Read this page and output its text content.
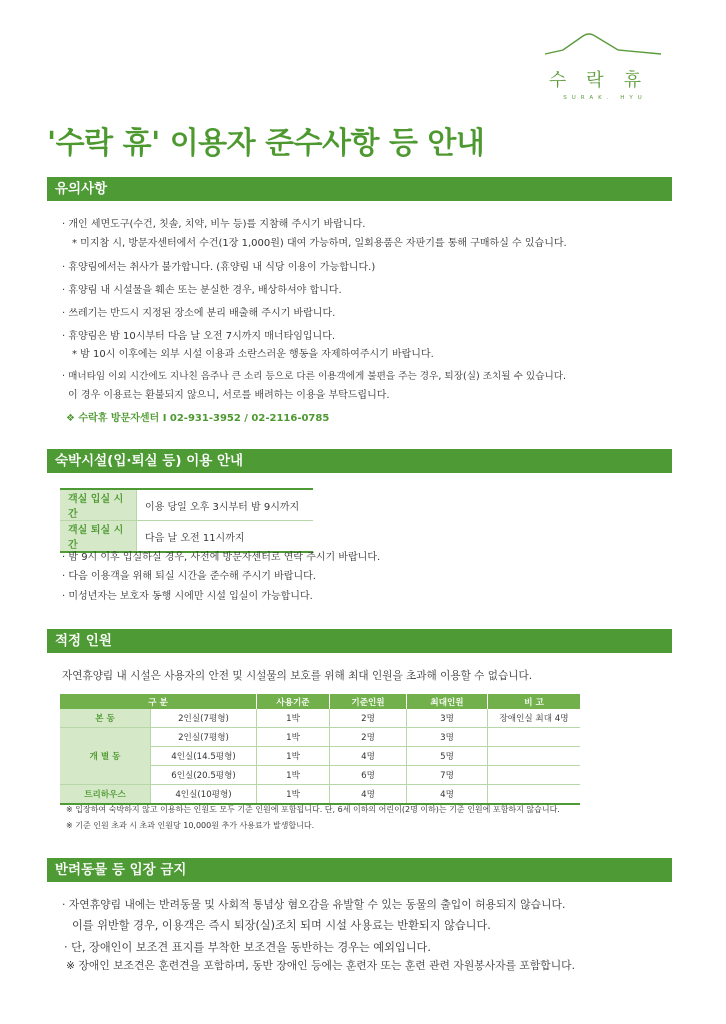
수락휴
SURAK. HYU
'수락 휴' 이용자 준수사항 등 안내
유의사항
· 개인 세면도구(수건, 칫솔, 치약, 비누 등)를 지참해 주시기 바랍니다.
* 미지참 시, 방문자센터에서 수건(1장 1,000원) 대여 가능하며, 일회용품은 자판기를 통해 구매하실 수 있습니다.
· 휴양림에서는 취사가 불가합니다. (휴양림 내 식당 이용이 가능합니다.)
· 휴양림 내 시설물을 훼손 또는 분실한 경우, 배상하셔야 합니다.
· 쓰레기는 반드시 지정된 장소에 분리 배출해 주시기 바랍니다.
· 휴양림은 밤 10시부터 다음 날 오전 7시까지 매너타임입니다.
* 밤 10시 이후에는 외부 시설 이용과 소란스러운 행동을 자제하여주시기 바랍니다.
· 매너타임 이외 시간에도 지나친 음주나 큰 소리 등으로 다른 이용객에게 불편을 주는 경우, 퇴장(실) 조치될 수 있습니다.
이 경우 이용료는 환불되지 않으니, 서로를 배려하는 이용을 부탁드립니다.
❖ 수락휴 방문자센터 I 02-931-3952 / 02-2116-0785
숙박시설(입·퇴실 등) 이용 안내
객실 입실 시간	이용 당일 오후 3시부터 밤 9시까지
객실 퇴실 시간	다음 날 오전 11시까지
· 밤 9시 이후 입실하실 경우, 사전에 방문자센터로 연락 주시기 바랍니다.
· 다음 이용객을 위해 퇴실 시간을 준수해 주시기 바랍니다.
· 미성년자는 보호자 동행 시에만 시설 입실이 가능합니다.
적정 인원
자연휴양림 내 시설은 사용자의 안전 및 시설물의 보호를 위해 최대 인원을 초과해 이용할 수 없습니다.
구 분		사용기준	기준인원	최대인원	비 고
본 동	2인실(7평형)	1박	2명	3명	장애인실 최대 4명
개 별 동	2인실(7평형)	1박	2명	3명	
	4인실(14.5평형)	1박	4명	5명	
	6인실(20.5평형)	1박	6명	7명	
트리하우스	4인실(10평형)	1박	4명	4명	
※ 입장하여 숙박하지 않고 이용하는 인원도 모두 기준 인원에 포함됩니다. 단, 6세 이하의 어린이(2명 이하)는 기준 인원에 포함하지 않습니다.
※ 기준 인원 초과 시 초과 인원당 10,000원 추가 사용료가 발생합니다.
반려동물 등 입장 금지
· 자연휴양림 내에는 반려동물 및 사회적 통념상 혐오감을 유발할 수 있는 동물의 출입이 허용되지 않습니다.
이를 위반할 경우, 이용객은 즉시 퇴장(실)조치 되며 시설 사용료는 반환되지 않습니다.
· 단, 장애인이 보조견 표지를 부착한 보조견을 동반하는 경우는 예외입니다.
※ 장애인 보조견은 훈련견을 포함하며, 동반 장애인 등에는 훈련자 또는 훈련 관련 자원봉사자를 포함합니다.
